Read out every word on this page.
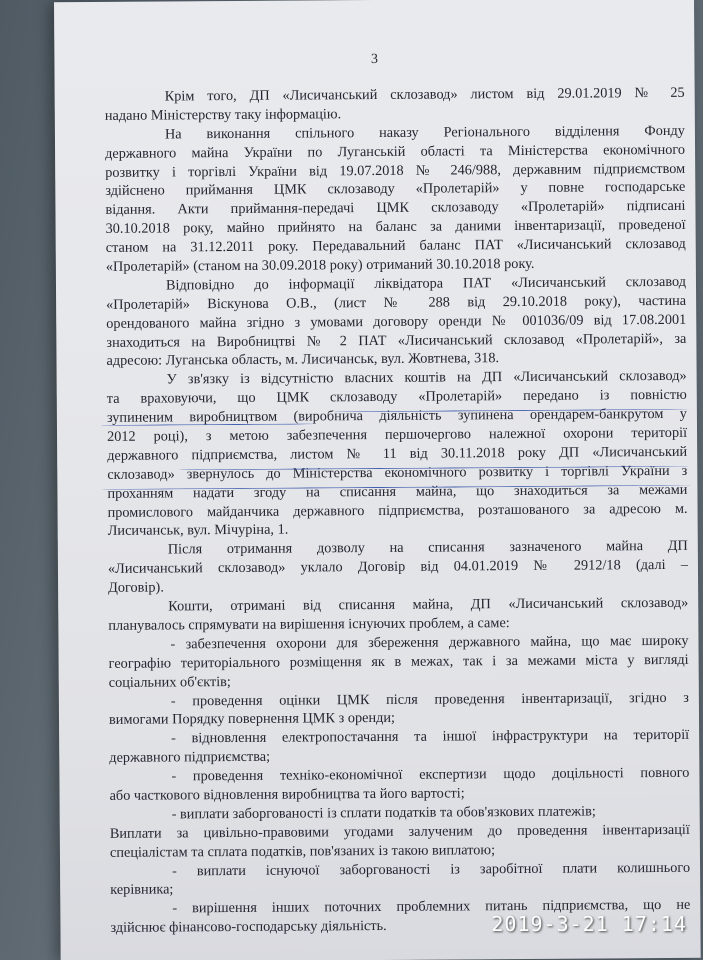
3
Крім того, ДП «Лисичанський склозавод» листом від 29.01.2019 № 25
надано Міністерству таку інформацію.
На виконання спільного наказу Регіонального відділення Фонду
державного майна України по Луганській області та Міністерства економічного
розвитку і торгівлі України від 19.07.2018 № 246/988, державним підприємством
здійснено приймання ЦМК склозаводу «Пролетарій» у повне господарське
відання. Акти приймання-передачі ЦМК склозаводу «Пролетарій» підписані
30.10.2018 року, майно прийнято на баланс за даними інвентаризації, проведеної
станом на 31.12.2011 року. Передавальний баланс ПАТ «Лисичанський склозавод
«Пролетарій» (станом на 30.09.2018 року) отриманий 30.10.2018 року.
Відповідно до інформації ліквідатора ПАТ «Лисичанський склозавод
«Пролетарій» Віскунова О.В., (лист № 288 від 29.10.2018 року), частина
орендованого майна згідно з умовами договору оренди № 001036/09 від 17.08.2001
знаходиться на Виробництві № 2 ПАТ «Лисичанський склозавод «Пролетарій», за
адресою: Луганська область, м. Лисичанськ, вул. Жовтнева, 318.
У зв'язку із відсутністю власних коштів на ДП «Лисичанський склозавод»
та враховуючи, що ЦМК склозаводу «Пролетарій» передано із повністю
зупиненим виробництвом (виробнича діяльність зупинена орендарем-банкрутом у
2012 році), з метою забезпечення першочергово належної охорони території
державного підприємства, листом № 11 від 30.11.2018 року ДП «Лисичанський
склозавод» звернулось до Міністерства економічного розвитку і торгівлі України з
проханням надати згоду на списання майна, що знаходиться за межами
промислового майданчика державного підприємства, розташованого за адресою м.
Лисичанськ, вул. Мічуріна, 1.
Після отримання дозволу на списання зазначеного майна ДП
«Лисичанський склозавод» уклало Договір від 04.01.2019 № 2912/18 (далі –
Договір).
Кошти, отримані від списання майна, ДП «Лисичанський склозавод»
планувалось спрямувати на вирішення існуючих проблем, а саме:
- забезпечення охорони для збереження державного майна, що має широку
географію територіального розміщення як в межах, так і за межами міста у вигляді
соціальних об'єктів;
- проведення оцінки ЦМК після проведення інвентаризації, згідно з
вимогами Порядку повернення ЦМК з оренди;
- відновлення електропостачання та іншої інфраструктури на території
державного підприємства;
- проведення техніко-економічної експертизи щодо доцільності повного
або часткового відновлення виробництва та його вартості;
- виплати заборгованості із сплати податків та обов'язкових платежів;
Виплати за цивільно-правовими угодами залученим до проведення інвентаризації
спеціалістам та сплата податків, пов'язаних із такою виплатою;
- виплати існуючої заборгованості із заробітної плати колишнього
керівника;
- вирішення інших поточних проблемних питань підприємства, що не
здійснює фінансово-господарську діяльність.	2019-3-21 17:14
